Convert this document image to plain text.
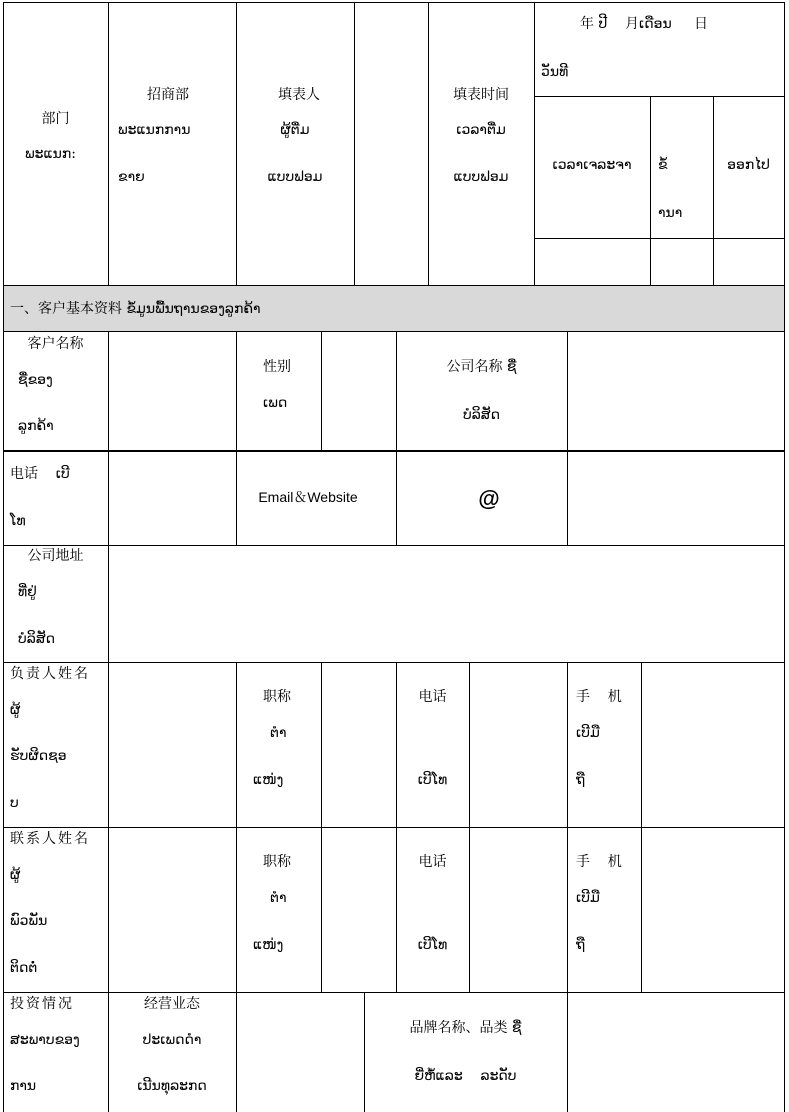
部门
ພະແນກ:
招商部
ພະແນກການ
ຂາຍ
填表人
ຜູ້ຕື່ມ
ແບບຟອມ
填表时间
ເວລາຕື່ມ
ແບບຟອມ
年 ປີ    月ເດືອນ     日
ວັນທີ
ເວລາເຈລະຈາ	ຂໍ້
ານາ
ອອກໄປ
一、客户基本资料 ຂໍ້ມູນພື້ນຖານຂອງລູກຄ້າ
客户名称
ຊື່ຂອງ
ລູກຄ້າ
性别
ເພດ
公司名称 ຊື່
ບໍລິສັດ
电话    ເບີ
ໂທ
Email＆Website	@
公司地址
ທີ່ຢູ່
ບໍລິສັດ
负责人姓名
ຜູ້
ຮັບຜິດຊອ
ບ
职称
ຕຳ
ແໜ່ງ
电话
ເບີໂທ
手    机
ເບີມື
ຖື
联系人姓名
ຜູ້
ພົວພັນ
ຕິດຕໍ່
职称
ຕຳ
ແໜ່ງ
电话
ເບີໂທ
手    机
ເບີມື
ຖື
投资情况
ສະພາບຂອງ
ການ
经营业态
ປະເພດດຳ
ເນີນທຸລະກດ
品牌名称、品类 ຊື່
ຍີ່ຫໍ້ແລະ    ລະດັບ
